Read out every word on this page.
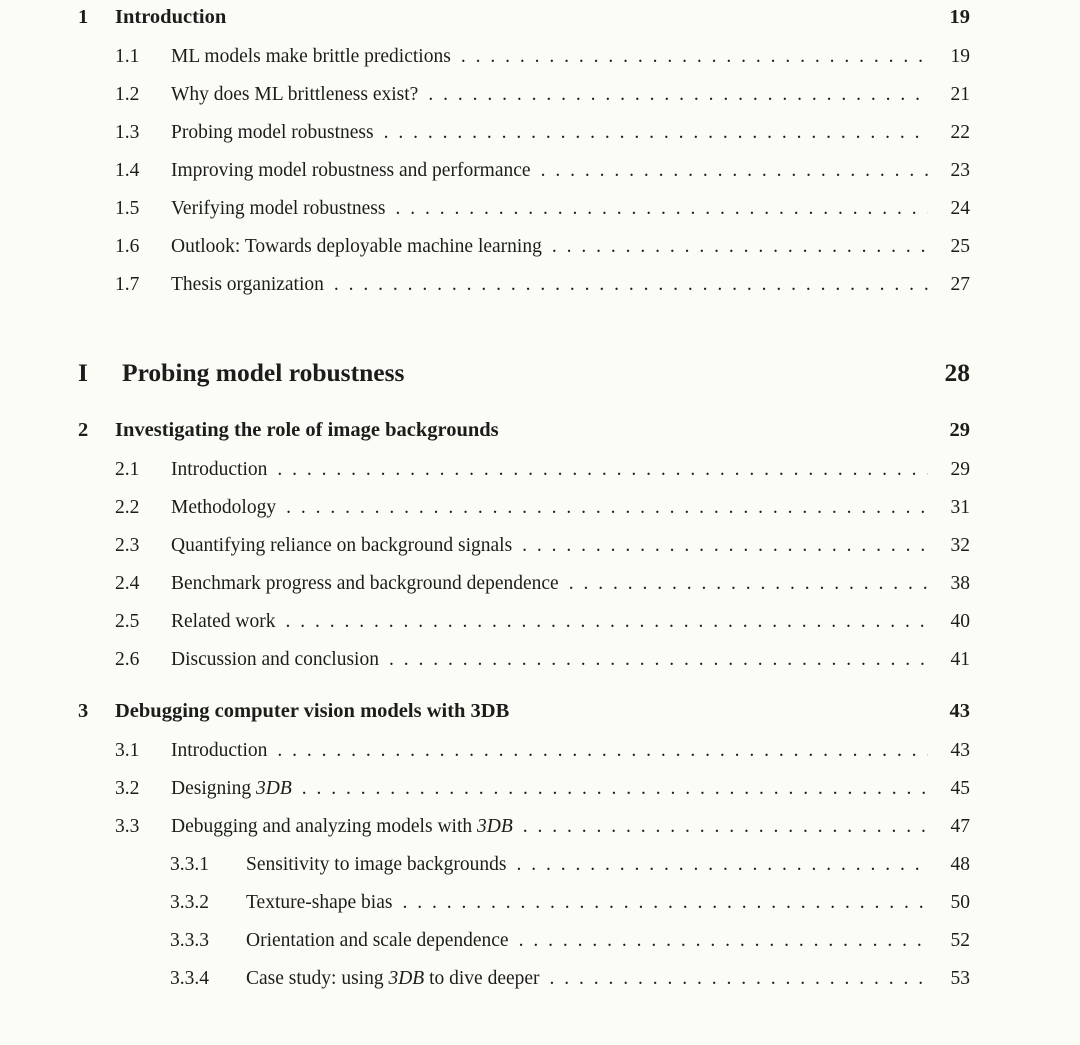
1	Introduction	19
1.1	ML models make brittle predictions . . .	19
1.2	Why does ML brittleness exist? . . .	21
1.3	Probing model robustness . . .	22
1.4	Improving model robustness and performance . . .	23
1.5	Verifying model robustness . . .	24
1.6	Outlook: Towards deployable machine learning . . .	25
1.7	Thesis organization . . .	27
I	Probing model robustness	28
2	Investigating the role of image backgrounds	29
2.1	Introduction . . .	29
2.2	Methodology . . .	31
2.3	Quantifying reliance on background signals . . .	32
2.4	Benchmark progress and background dependence . . .	38
2.5	Related work . . .	40
2.6	Discussion and conclusion . . .	41
3	Debugging computer vision models with 3DB	43
3.1	Introduction . . .	43
3.2	Designing 3DB . . .	45
3.3	Debugging and analyzing models with 3DB . . .	47
3.3.1	Sensitivity to image backgrounds . . .	48
3.3.2	Texture-shape bias . . .	50
3.3.3	Orientation and scale dependence . . .	52
3.3.4	Case study: using 3DB to dive deeper . . .	53
